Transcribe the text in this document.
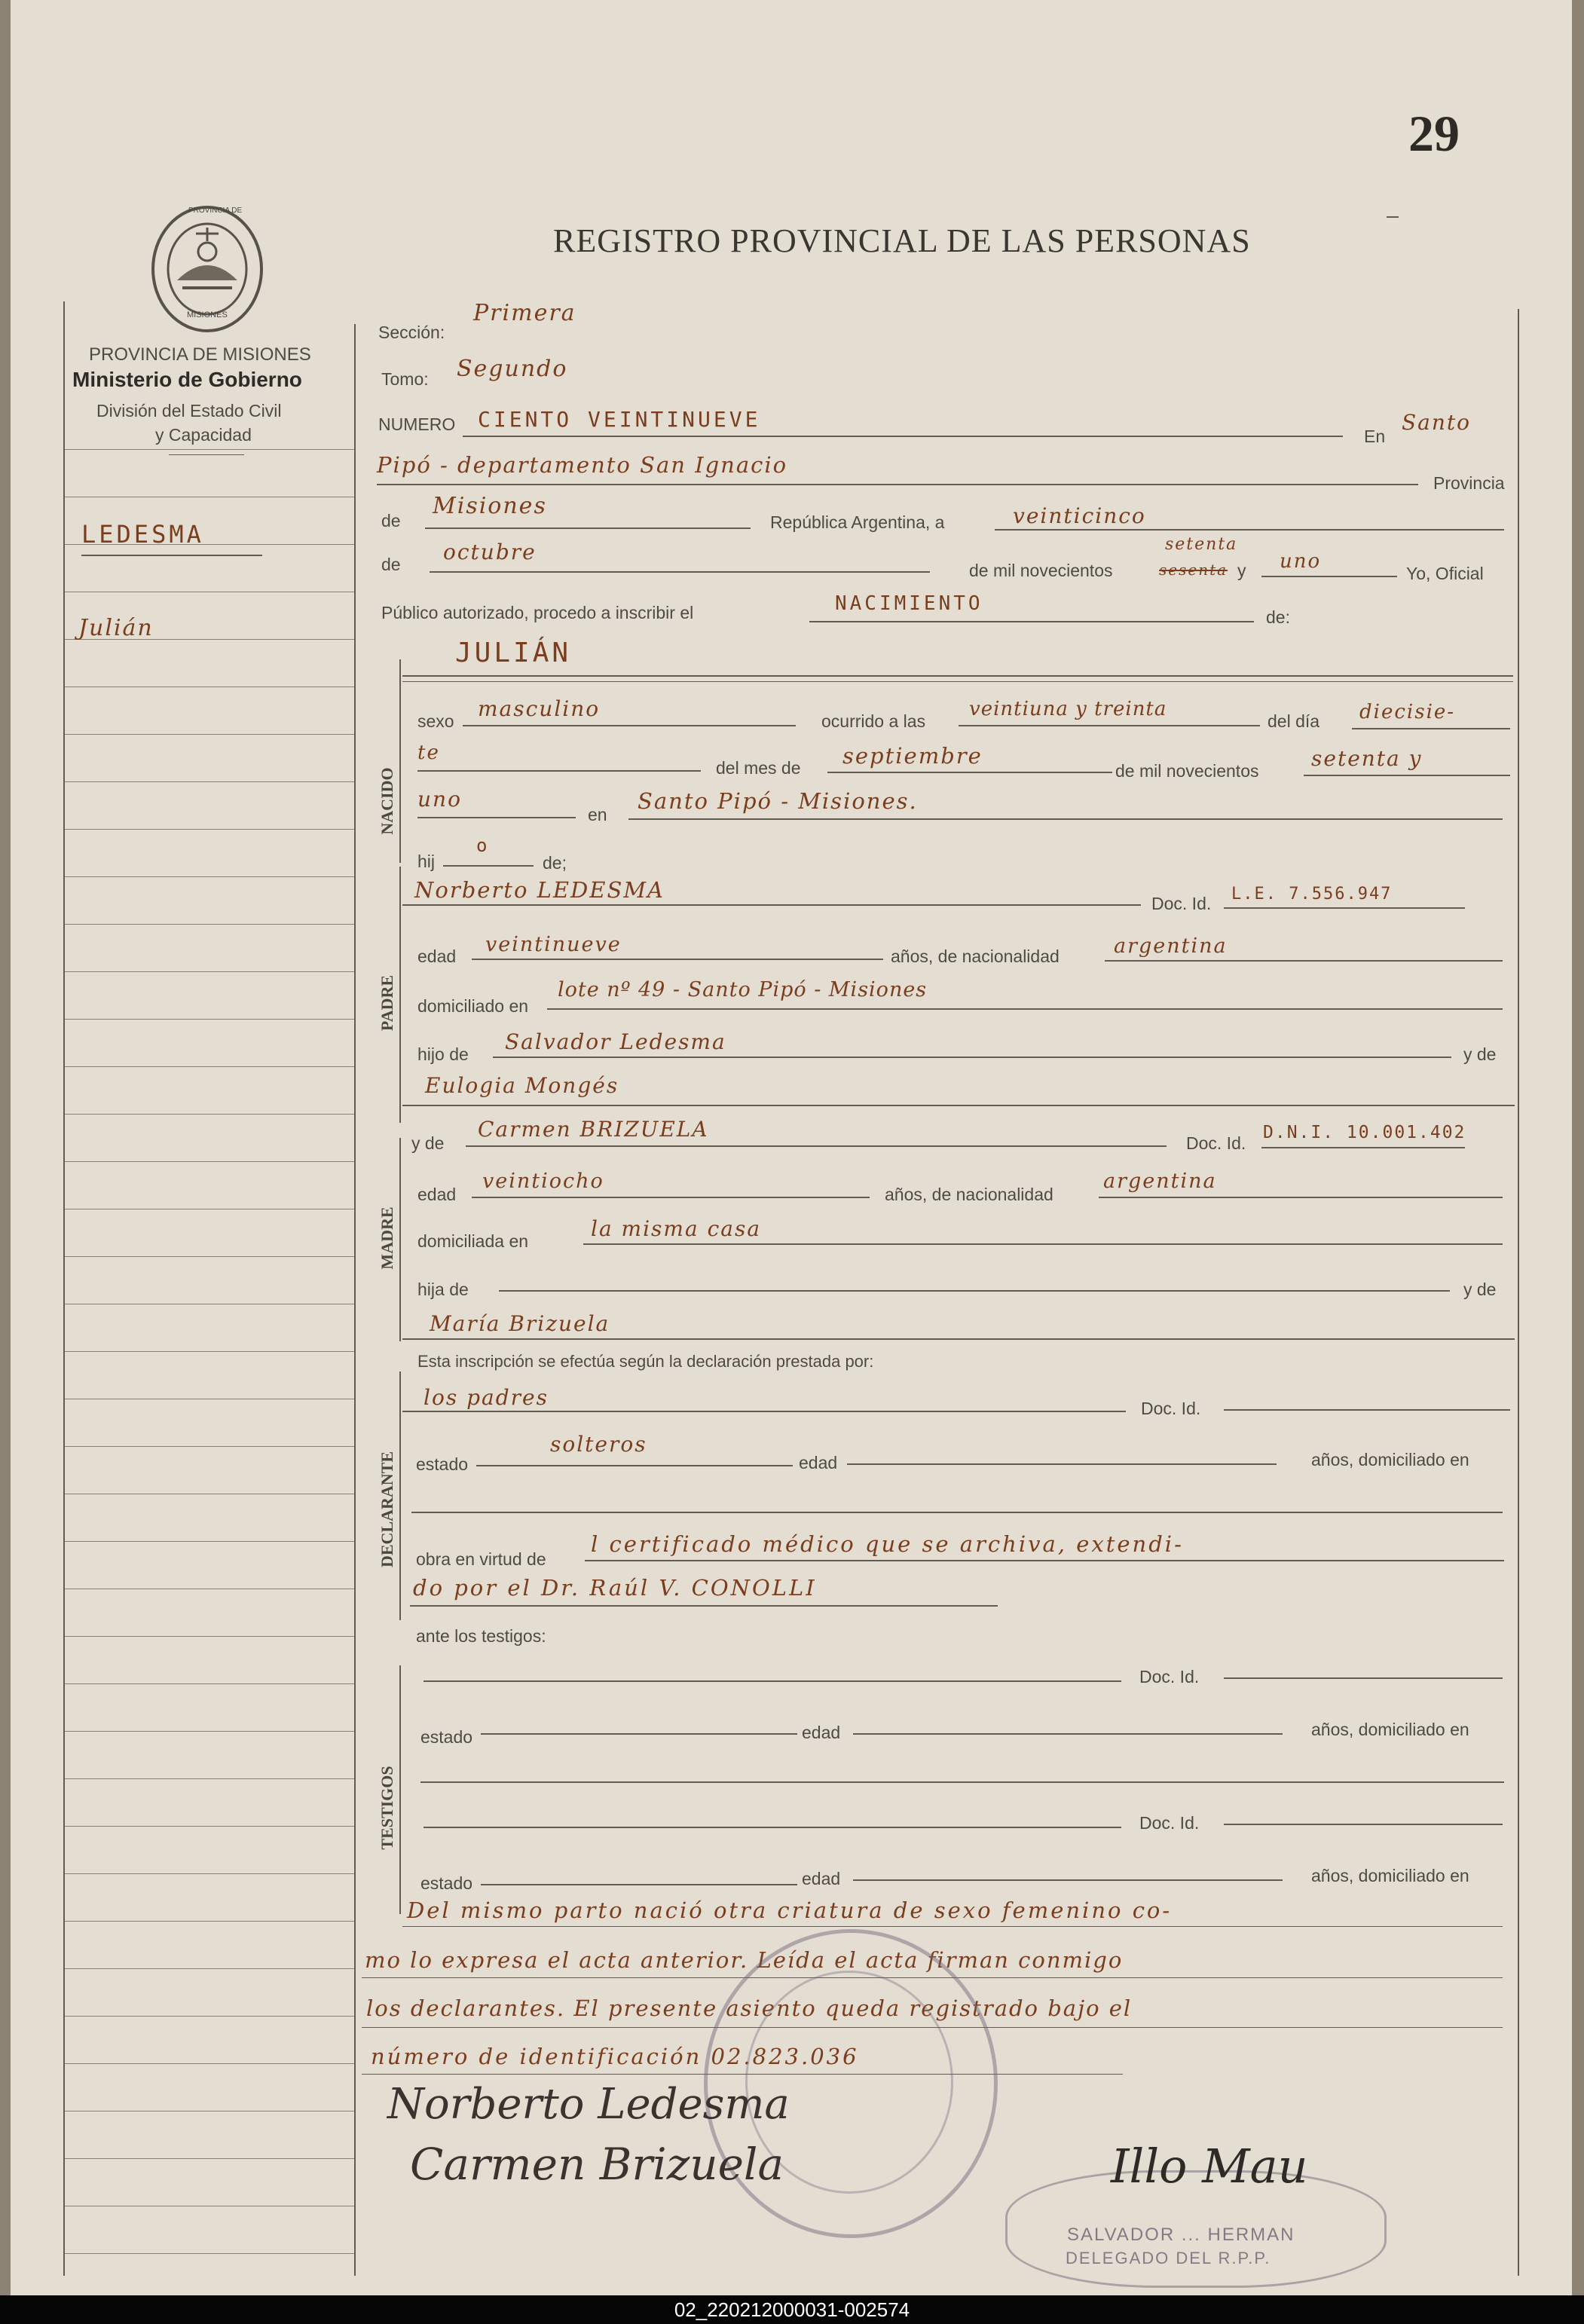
29
REGISTRO PROVINCIAL DE LAS PERSONAS
PROVINCIA DE
MISIONES
PROVINCIA DE MISIONES
Ministerio de Gobierno
División del Estado Civil
y Capacidad
LEDESMA
Julián
NACIDO
PADRE
MADRE
DECLARANTE
TESTIGOS
Sección:
Primera
Tomo: Segundo
NUMERO CIENTO VEINTINUEVE
En
Santo
Pipó - departamento San Ignacio
Provincia
de
Misiones
República Argentina, a	veinticinco
de octubre
de mil novecientos
setenta
sesenta y uno
Yo, Oficial
Público autorizado, procedo a inscribir el	NACIMIENTO
de:
JULIÁN
sexo masculino	ocurrido a las
veintiuna y treinta
del día diecisie-
te
del mes de septiembre
de mil novecientos setenta y
uno
en
Santo Pipó - Misiones.
hij
o
de;
Norberto LEDESMA
Doc. Id. L.E. 7.556.947
edad veintinueve	años, de nacionalidad	argentina
domiciliado en
lote nº 49 - Santo Pipó - Misiones
hijo de Salvador Ledesma	y de
Eulogia Mongés
y de
Carmen BRIZUELA
Doc. Id.
D.N.I. 10.001.402
edad
veintiocho
años, de nacionalidad
argentina
domiciliada en	la misma casa
hija de	y de
María Brizuela
Esta inscripción se efectúa según la declaración prestada por:
los padres	Doc. Id.
estado
solteros
edad	años, domiciliado en
obra en virtud de
l certificado médico que se archiva, extendi-
do por el Dr. Raúl V. CONOLLI
ante los testigos:
Doc. Id.
estado	edad	años, domiciliado en
Doc. Id.
estado	edad	años, domiciliado en
Del mismo parto nació otra criatura de sexo femenino co-
mo lo expresa el acta anterior. Leída el acta firman conmigo
los declarantes. El presente asiento queda registrado bajo el
número de identificación 02.823.036
SALVADOR ... HERMAN
DELEGADO DEL R.P.P.
Norberto Ledesma
Carmen Brizuela	Illo Mau
02_220212000031-002574
